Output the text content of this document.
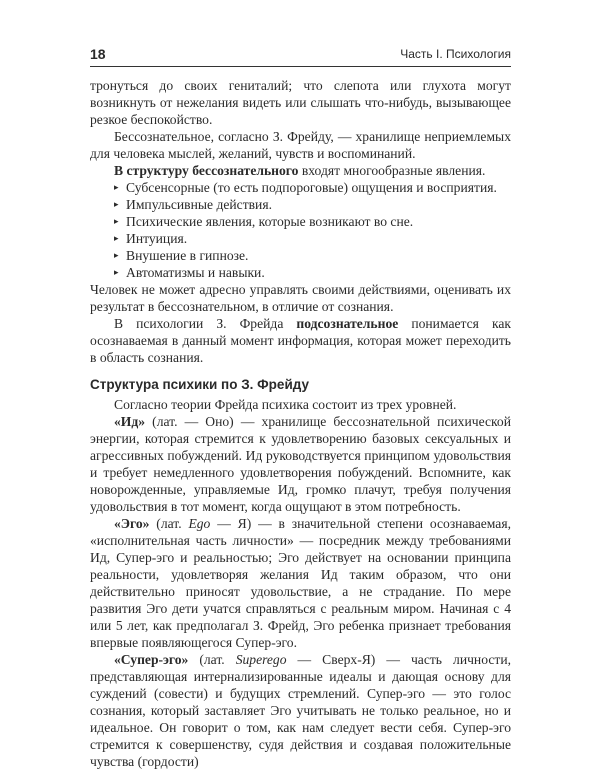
18	Часть I. Психология

тронуться до своих гениталий; что слепота или глухота могут возникнуть от нежелания видеть или слышать что-нибудь, вызывающее резкое беспокойство.

Бессознательное, согласно З. Фрейду, — хранилище неприемлемых для человека мыслей, желаний, чувств и воспоминаний.

В структуру бессознательного входят многообразные явления.

▸ Субсенсорные (то есть подпороговые) ощущения и восприятия.

▸ Импульсивные действия.

▸ Психические явления, которые возникают во сне.

▸ Интуиция.

▸ Внушение в гипнозе.

▸ Автоматизмы и навыки.

Человек не может адресно управлять своими действиями, оценивать их результат в бессознательном, в отличие от сознания.

В психологии З. Фрейда подсознательное понимается как осознаваемая в данный момент информация, которая может переходить в область сознания.

Структура психики по З. Фрейду

Согласно теории Фрейда психика состоит из трех уровней.

«Ид» (лат. — Оно) — хранилище бессознательной психической энергии, которая стремится к удовлетворению базовых сексуальных и агрессивных побуждений. Ид руководствуется принципом удовольствия и требует немедленного удовлетворения побуждений. Вспомните, как новорожденные, управляемые Ид, громко плачут, требуя получения удовольствия в тот момент, когда ощущают в этом потребность.

«Эго» (лат. Ego — Я) — в значительной степени осознаваемая, «исполнительная часть личности» — посредник между требованиями Ид, Супер-эго и реальностью; Эго действует на основании принципа реальности, удовлетворяя желания Ид таким образом, что они действительно приносят удовольствие, а не страдание. По мере развития Эго дети учатся справляться с реальным миром. Начиная с 4 или 5 лет, как предполагал З. Фрейд, Эго ребенка признает требования впервые появляющегося Супер-эго.

«Супер-эго» (лат. Superego — Сверх-Я) — часть личности, представляющая интернализированные идеалы и дающая основу для суждений (совести) и будущих стремлений. Супер-эго — это голос сознания, который заставляет Эго учитывать не только реальное, но и идеальное. Он говорит о том, как нам следует вести себя. Супер-эго стремится к совершенству, судя действия и создавая положительные чувства (гордости)
